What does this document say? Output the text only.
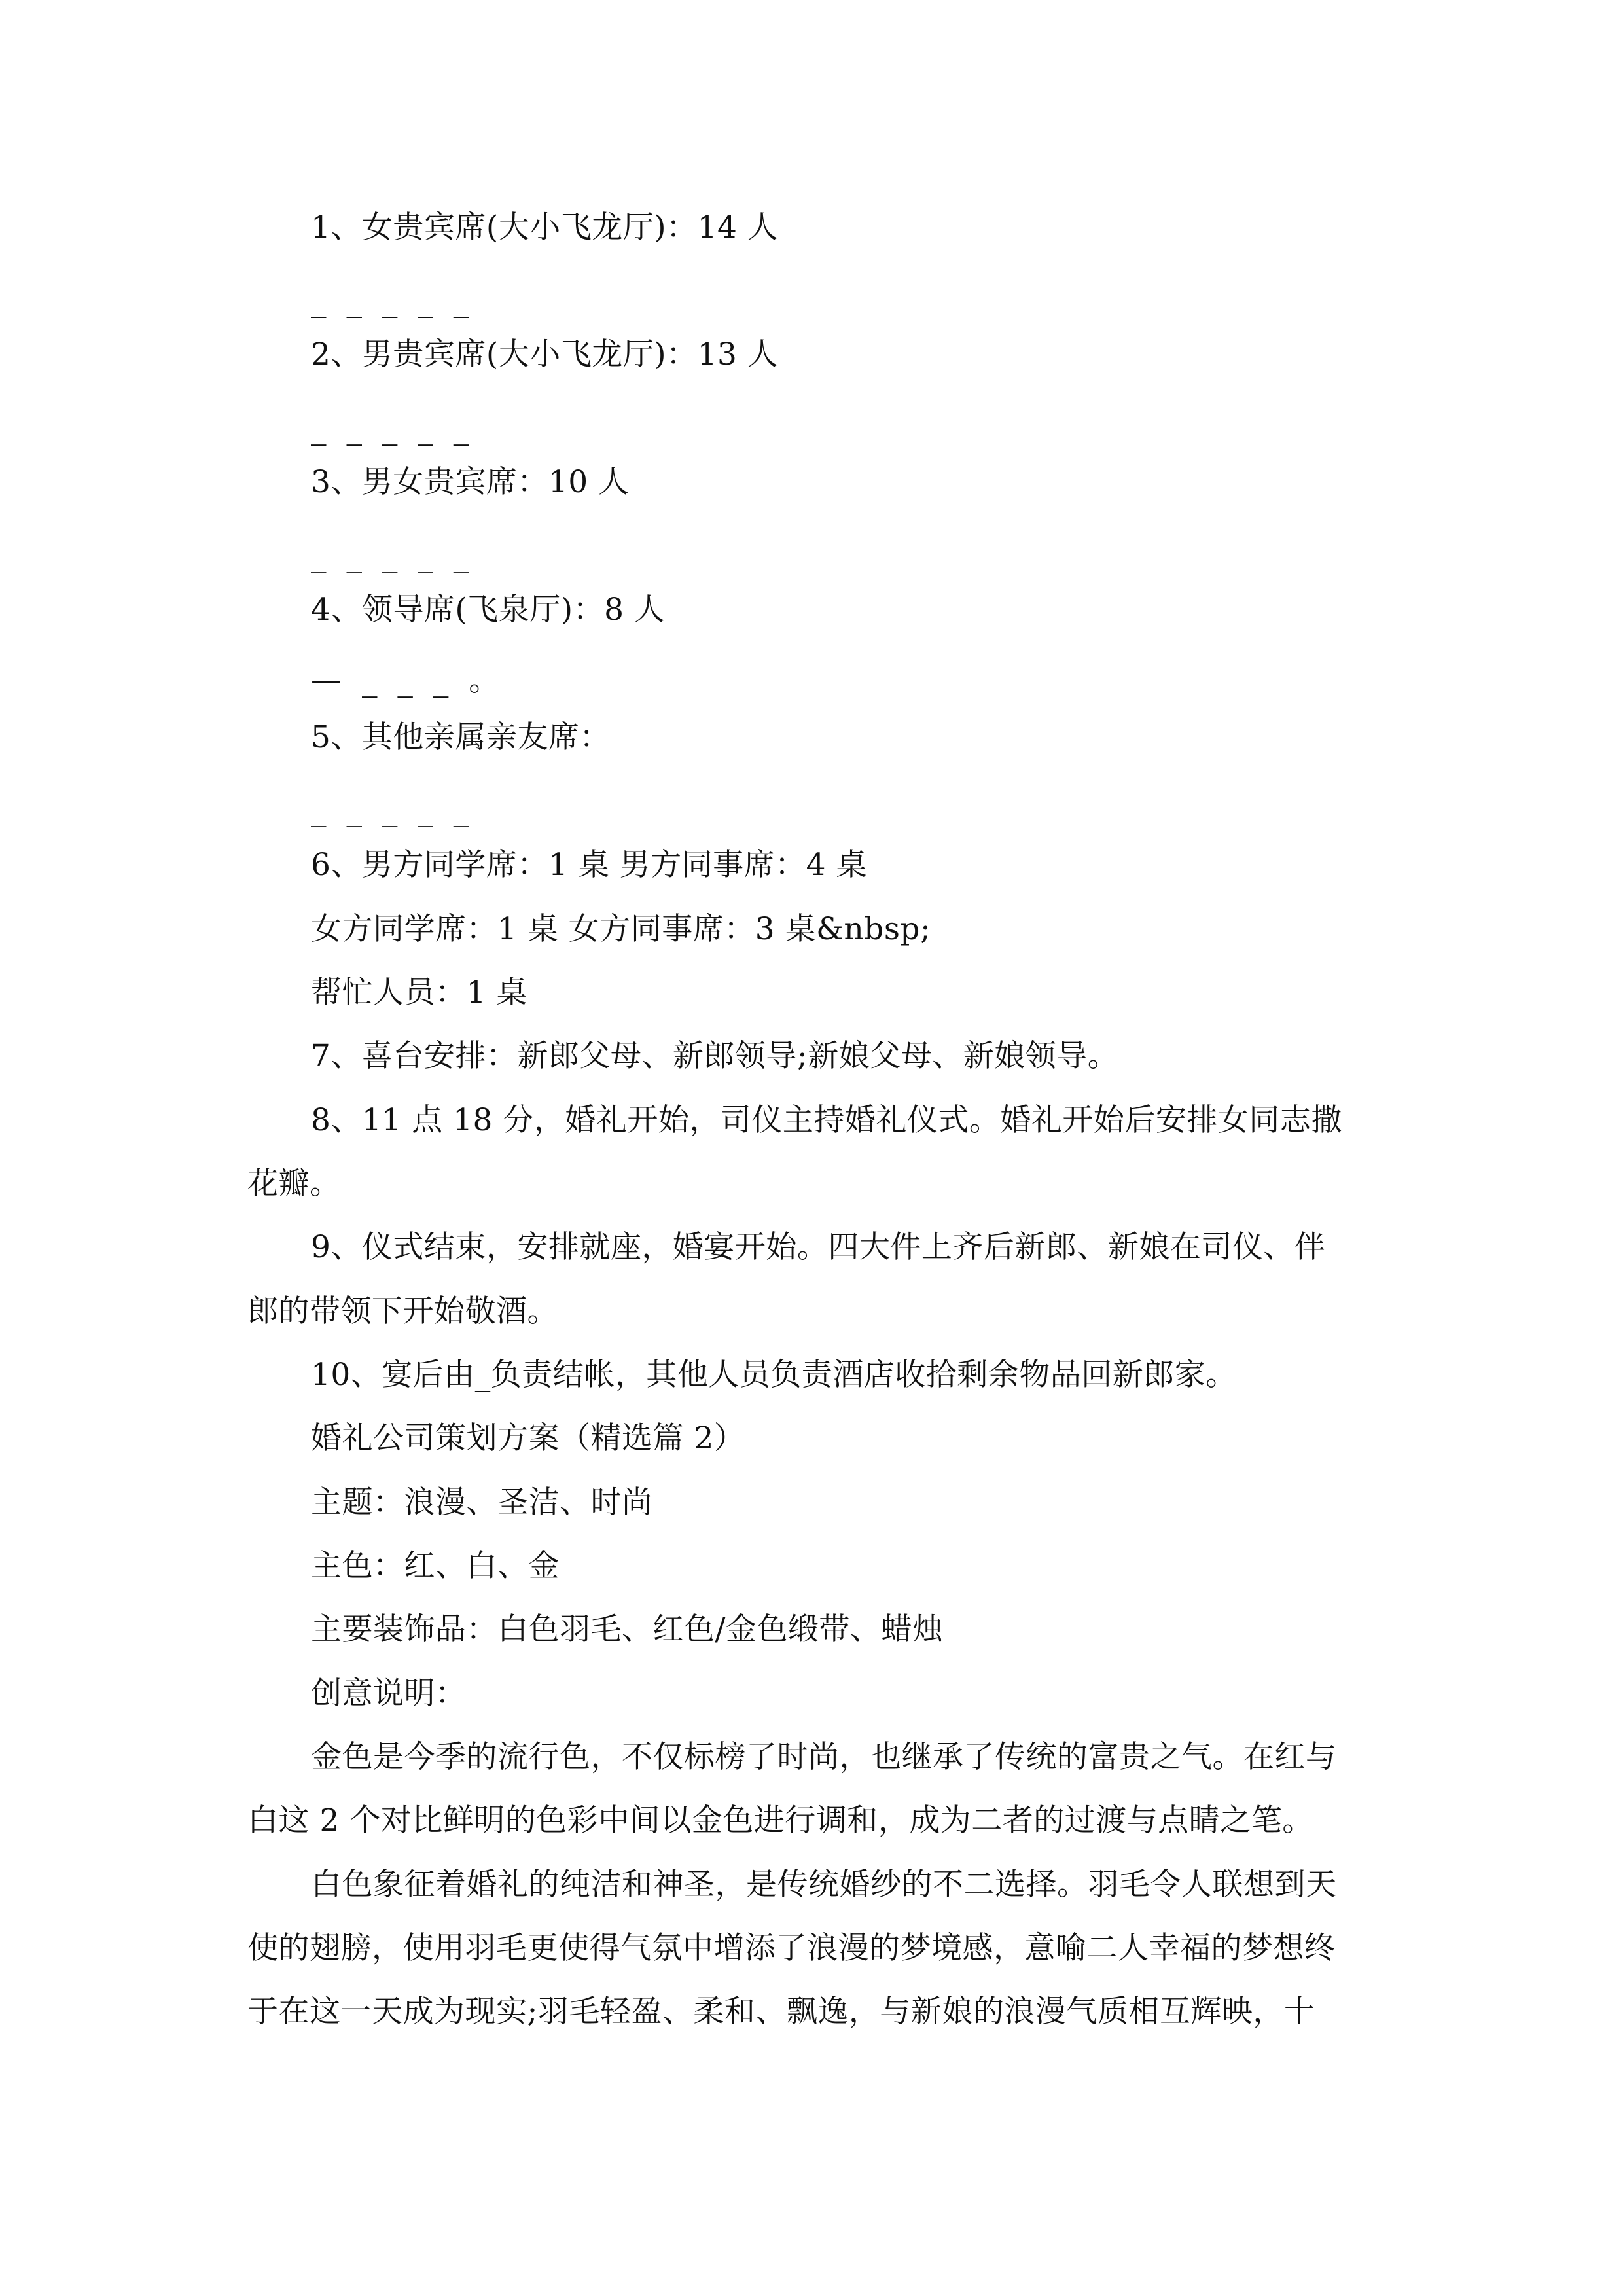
1、女贵宾席(大小飞龙厅)：14 人
_ _ _ _ _
2、男贵宾席(大小飞龙厅)：13 人
_ _ _ _ _
3、男女贵宾席：10 人
_ _ _ _ _
4、领导席(飞泉厅)：8 人
— _ _ _ 。
5、其他亲属亲友席：
_ _ _ _ _
6、男方同学席：1 桌 男方同事席：4 桌
女方同学席：1 桌 女方同事席：3 桌&nbsp;
帮忙人员：1 桌
7、喜台安排：新郎父母、新郎领导;新娘父母、新娘领导。
8、11 点 18 分，婚礼开始，司仪主持婚礼仪式。婚礼开始后安排女同志撒
花瓣。
9、仪式结束，安排就座，婚宴开始。四大件上齐后新郎、新娘在司仪、伴
郎的带领下开始敬酒。
10、宴后由_负责结帐，其他人员负责酒店收拾剩余物品回新郎家。
婚礼公司策划方案（精选篇 2）
主题：浪漫、圣洁、时尚
主色：红、白、金
主要装饰品：白色羽毛、红色/金色缎带、蜡烛
创意说明：
金色是今季的流行色，不仅标榜了时尚，也继承了传统的富贵之气。在红与
白这 2 个对比鲜明的色彩中间以金色进行调和，成为二者的过渡与点睛之笔。
白色象征着婚礼的纯洁和神圣，是传统婚纱的不二选择。羽毛令人联想到天
使的翅膀，使用羽毛更使得气氛中增添了浪漫的梦境感，意喻二人幸福的梦想终
于在这一天成为现实;羽毛轻盈、柔和、飘逸，与新娘的浪漫气质相互辉映，十
